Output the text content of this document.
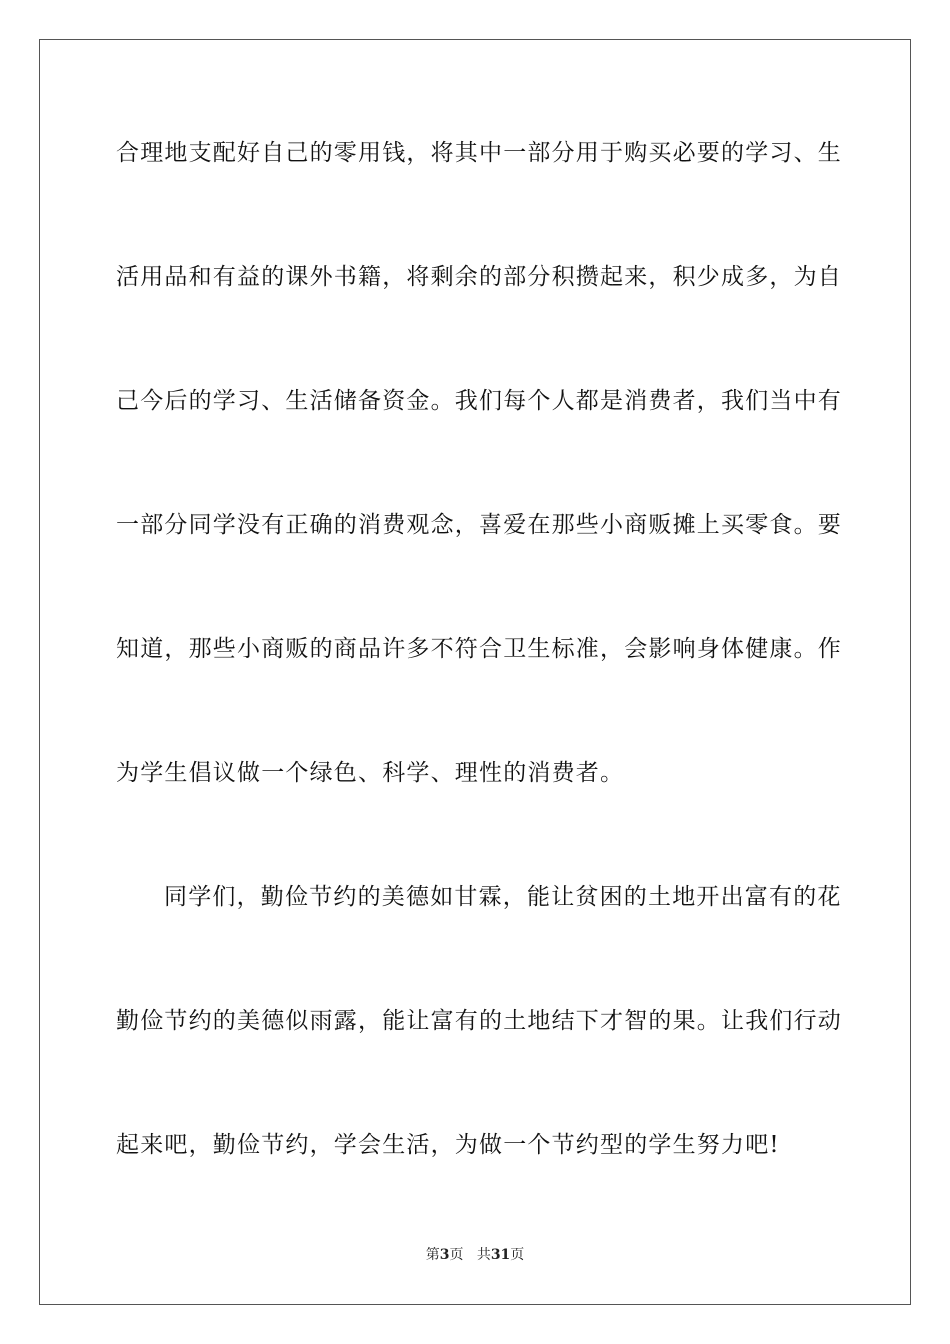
合理地支配好自己的零用钱，将其中一部分用于购买必要的学习、生
活用品和有益的课外书籍，将剩余的部分积攒起来，积少成多，为自
己今后的学习、生活储备资金。我们每个人都是消费者，我们当中有
一部分同学没有正确的消费观念，喜爱在那些小商贩摊上买零食。要
知道，那些小商贩的商品许多不符合卫生标准，会影响身体健康。作
为学生倡议做一个绿色、科学、理性的消费者。
同学们，勤俭节约的美德如甘霖，能让贫困的土地开出富有的花
勤俭节约的美德似雨露，能让富有的土地结下才智的果。让我们行动
起来吧，勤俭节约，学会生活，为做一个节约型的学生努力吧!
第3页 共31页
